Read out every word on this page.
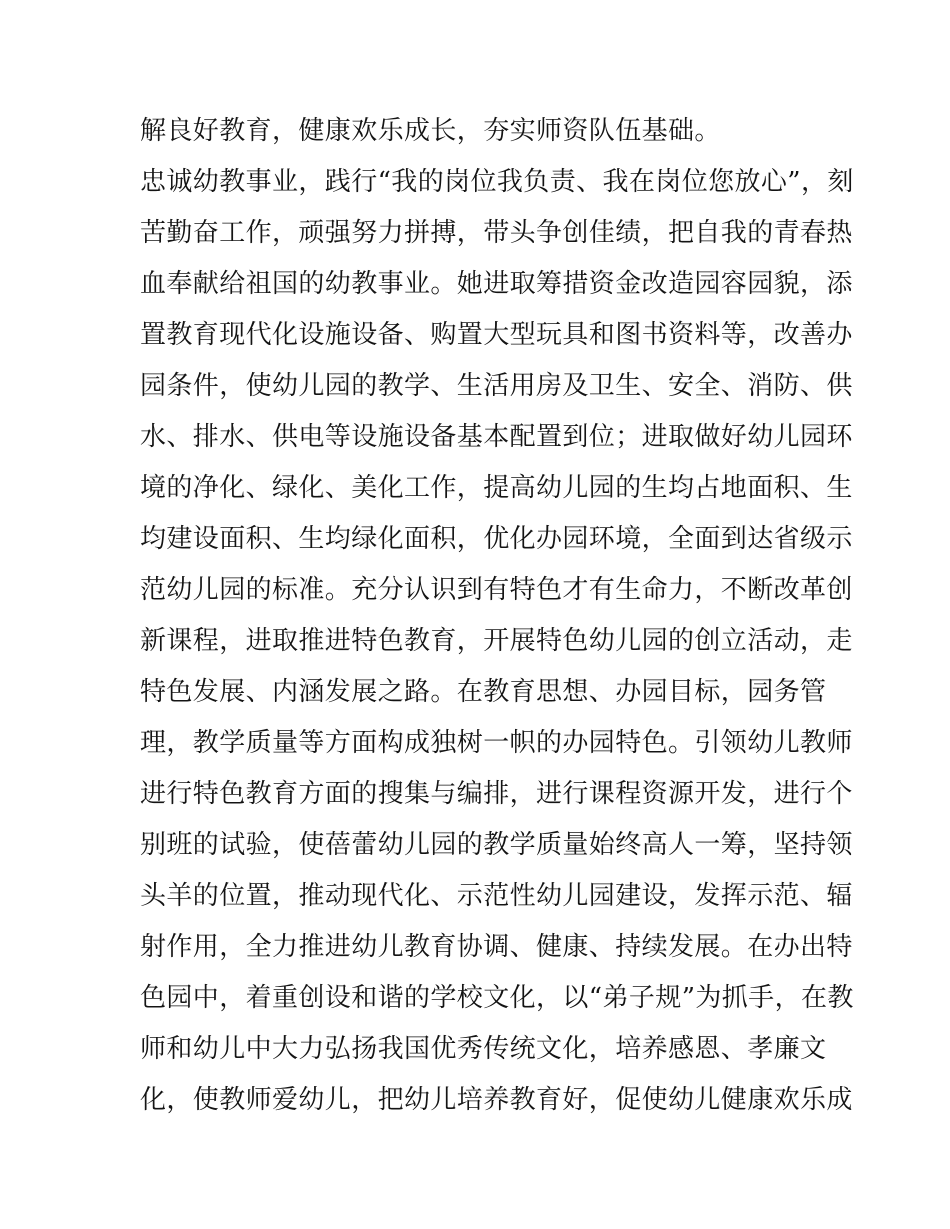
解良好教育，健康欢乐成长，夯实师资队伍基础。
忠诚幼教事业，践行“我的岗位我负责、我在岗位您放心”，刻
苦勤奋工作，顽强努力拼搏，带头争创佳绩，把自我的青春热
血奉献给祖国的幼教事业。她进取筹措资金改造园容园貌，添
置教育现代化设施设备、购置大型玩具和图书资料等，改善办
园条件，使幼儿园的教学、生活用房及卫生、安全、消防、供
水、排水、供电等设施设备基本配置到位；进取做好幼儿园环
境的净化、绿化、美化工作，提高幼儿园的生均占地面积、生
均建设面积、生均绿化面积，优化办园环境，全面到达省级示
范幼儿园的标准。充分认识到有特色才有生命力，不断改革创
新课程，进取推进特色教育，开展特色幼儿园的创立活动，走
特色发展、内涵发展之路。在教育思想、办园目标，园务管
理，教学质量等方面构成独树一帜的办园特色。引领幼儿教师
进行特色教育方面的搜集与编排，进行课程资源开发，进行个
别班的试验，使蓓蕾幼儿园的教学质量始终高人一筹，坚持领
头羊的位置，推动现代化、示范性幼儿园建设，发挥示范、辐
射作用，全力推进幼儿教育协调、健康、持续发展。在办出特
色园中，着重创设和谐的学校文化，以“弟子规”为抓手，在教
师和幼儿中大力弘扬我国优秀传统文化，培养感恩、孝廉文
化，使教师爱幼儿，把幼儿培养教育好，促使幼儿健康欢乐成
